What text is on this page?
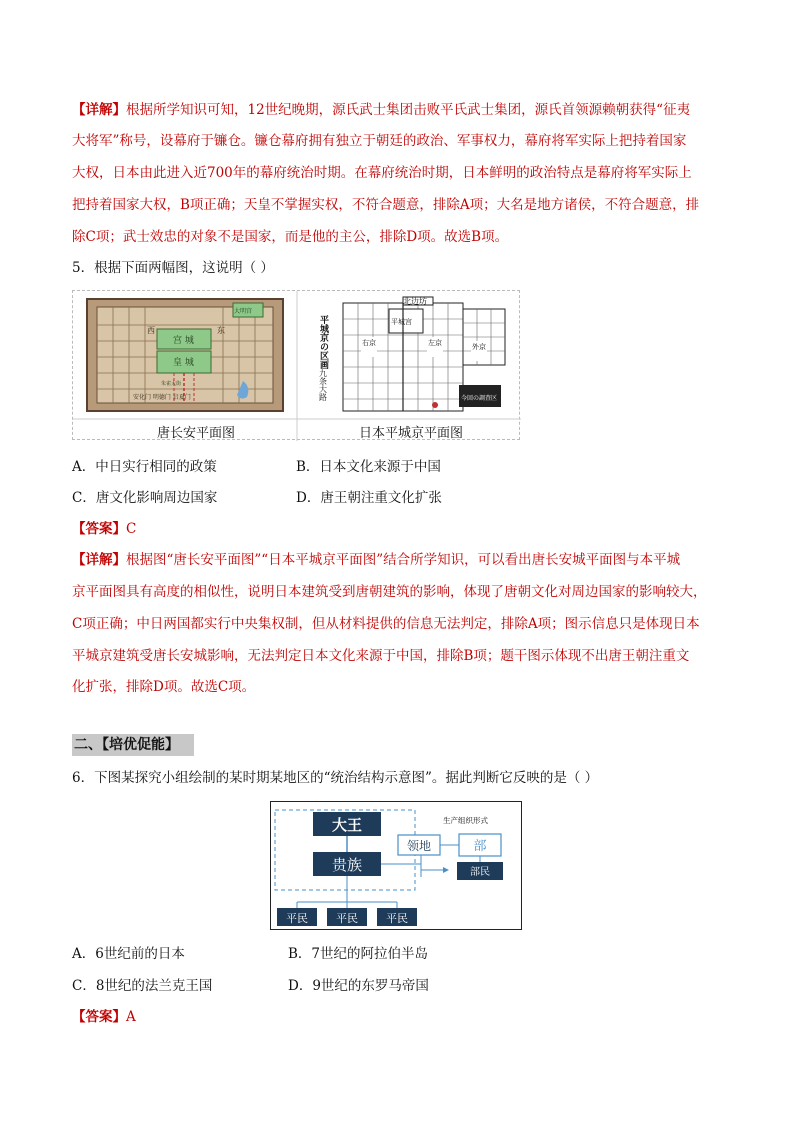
【详解】根据所学知识可知，12世纪晚期，源氏武士集团击败平氏武士集团，源氏首领源赖朝获得“征夷
大将军”称号，设幕府于镰仓。镰仓幕府拥有独立于朝廷的政治、军事权力，幕府将军实际上把持着国家
大权，日本由此进入近700年的幕府统治时期。在幕府统治时期，日本鲜明的政治特点是幕府将军实际上
把持着国家大权，B项正确；天皇不掌握实权，不符合题意，排除A项；大名是地方诸侯，不符合题意，排
除C项；武士效忠的对象不是国家，而是他的主公，排除D项。故选B项。
5．根据下面两幅图，这说明（ ）
宫 城
皇 城
东
西
安化门 明德门 启夏门
大明宫
朱雀大街
北边坊
平城宫
右京	左京	外京
今回の調査区
平城京の区画
九条大路
唐长安平面图	日本平城京平面图
A．中日实行相同的政策	B．日本文化来源于中国
C．唐文化影响周边国家	D．唐王朝注重文化扩张
【答案】C
【详解】根据图“唐长安平面图”“日本平城京平面图”结合所学知识，可以看出唐长安城平面图与本平城
京平面图具有高度的相似性，说明日本建筑受到唐朝建筑的影响，体现了唐朝文化对周边国家的影响较大，
C项正确；中日两国都实行中央集权制，但从材料提供的信息无法判定，排除A项；图示信息只是体现日本
平城京建筑受唐长安城影响，无法判定日本文化来源于中国，排除B项；题干图示体现不出唐王朝注重文
化扩张，排除D项。故选C项。
二、【培优促能】
6．下图某探究小组绘制的某时期某地区的“统治结构示意图”。据此判断它反映的是（ ）
大王
贵族
领地
生产组织形式
部
部民
平民	平民	平民
A．6世纪前的日本	B．7世纪的阿拉伯半岛
C．8世纪的法兰克王国	D．9世纪的东罗马帝国
【答案】A
